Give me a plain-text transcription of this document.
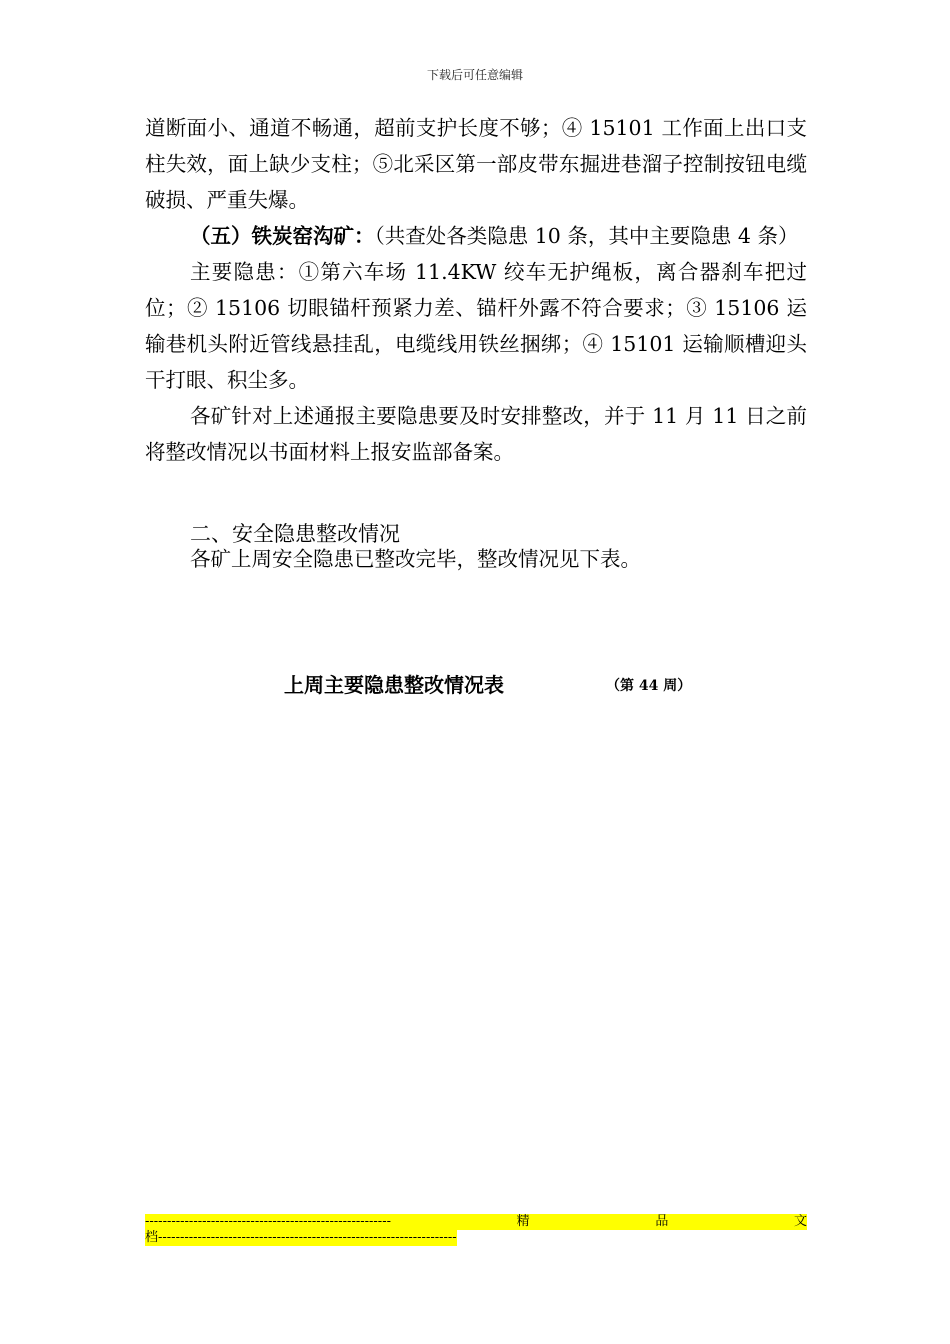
下载后可任意编辑

道断面小、通道不畅通，超前支护长度不够；④ 15101 工作面上出口支柱失效，面上缺少支柱；⑤北采区第一部皮带东掘进巷溜子控制按钮电缆破损、严重失爆。

（五）铁炭窑沟矿：（共查处各类隐患 10 条，其中主要隐患 4 条）

主要隐患：①第六车场 11.4KW 绞车无护绳板，离合器刹车把过位；② 15106 切眼锚杆预紧力差、锚杆外露不符合要求；③ 15106 运输巷机头附近管线悬挂乱，电缆线用铁丝捆绑；④ 15101 运输顺槽迎头干打眼、积尘多。

各矿针对上述通报主要隐患要及时安排整改，并于 11 月 11 日之前将整改情况以书面材料上报安监部备案。

二、安全隐患整改情况
各矿上周安全隐患已整改完毕，整改情况见下表。
上周主要隐患整改情况表	（第 44 周）
--------------------------------------------------------	精	品	文
档--------------------------------------------------------------------
